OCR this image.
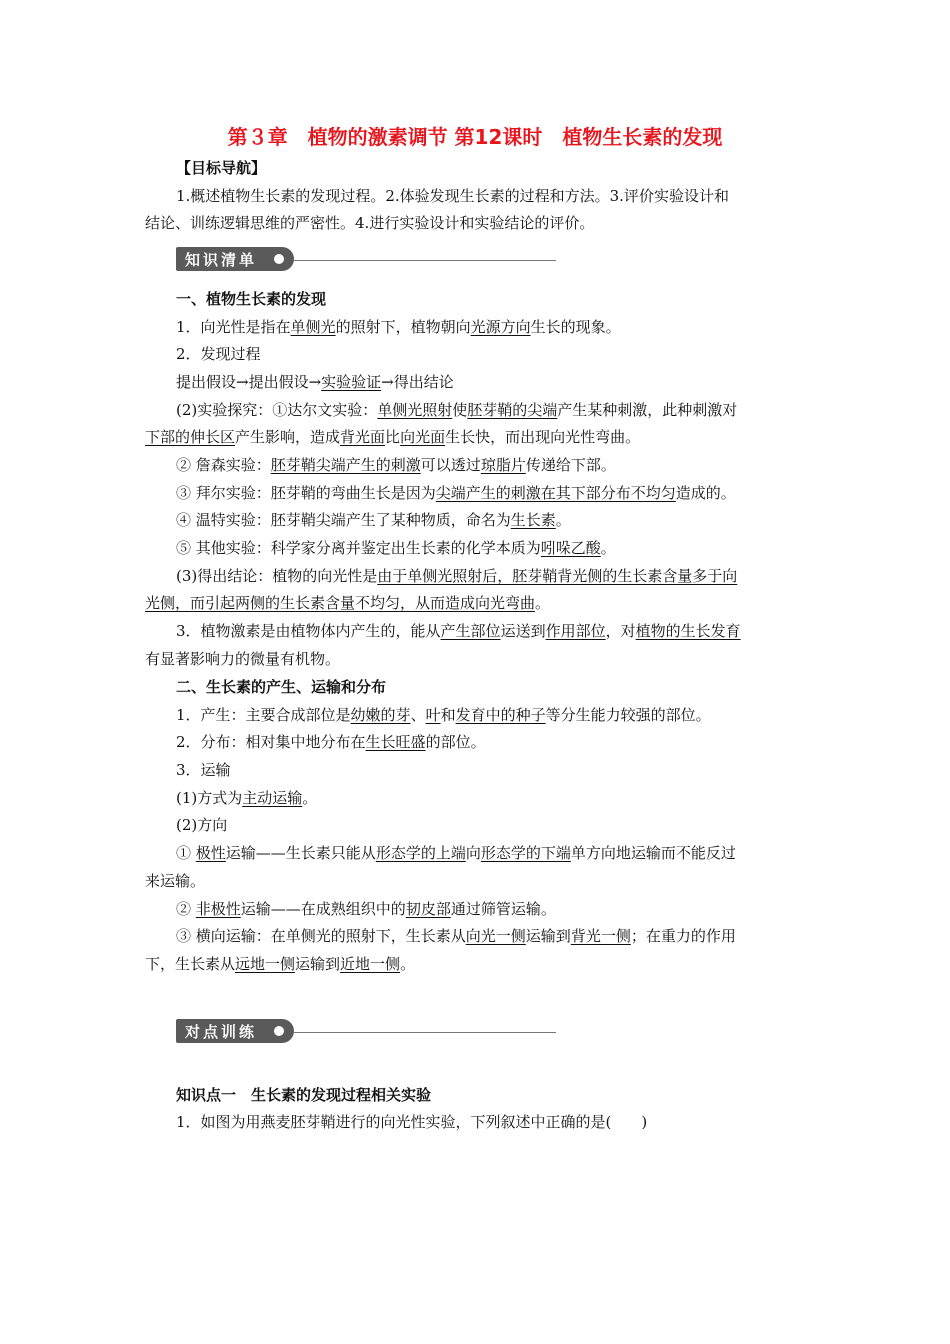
第３章　植物的激素调节 第12课时　植物生长素的发现
【目标导航】
1.概述植物生长素的发现过程。2.体验发现生长素的过程和方法。3.评价实验设计和
结论、训练逻辑思维的严密性。4.进行实验设计和实验结论的评价。
知识清单
一、植物生长素的发现
1．向光性是指在单侧光的照射下，植物朝向光源方向生长的现象。
2．发现过程
提出假设→提出假设→实验验证→得出结论
(2)实验探究：①达尔文实验：单侧光照射使胚芽鞘的尖端产生某种刺激，此种刺激对
下部的伸长区产生影响，造成背光面比向光面生长快，而出现向光性弯曲。
② 詹森实验：胚芽鞘尖端产生的刺激可以透过琼脂片传递给下部。
③ 拜尔实验：胚芽鞘的弯曲生长是因为尖端产生的刺激在其下部分布不均匀造成的。
④ 温特实验：胚芽鞘尖端产生了某种物质，命名为生长素。
⑤ 其他实验：科学家分离并鉴定出生长素的化学本质为吲哚乙酸。
(3)得出结论：植物的向光性是由于单侧光照射后，胚芽鞘背光侧的生长素含量多于向
光侧，而引起两侧的生长素含量不均匀，从而造成向光弯曲。
3．植物激素是由植物体内产生的，能从产生部位运送到作用部位，对植物的生长发育
有显著影响力的微量有机物。
二、生长素的产生、运输和分布
1．产生：主要合成部位是幼嫩的芽、叶和发育中的种子等分生能力较强的部位。
2．分布：相对集中地分布在生长旺盛的部位。
3．运输
(1)方式为主动运输。
(2)方向
① 极性运输——生长素只能从形态学的上端向形态学的下端单方向地运输而不能反过
来运输。
② 非极性运输——在成熟组织中的韧皮部通过筛管运输。
③ 横向运输：在单侧光的照射下，生长素从向光一侧运输到背光一侧；在重力的作用
下，生长素从远地一侧运输到近地一侧。
对点训练
知识点一　生长素的发现过程相关实验
1．如图为用燕麦胚芽鞘进行的向光性实验，下列叙述中正确的是(　　)
